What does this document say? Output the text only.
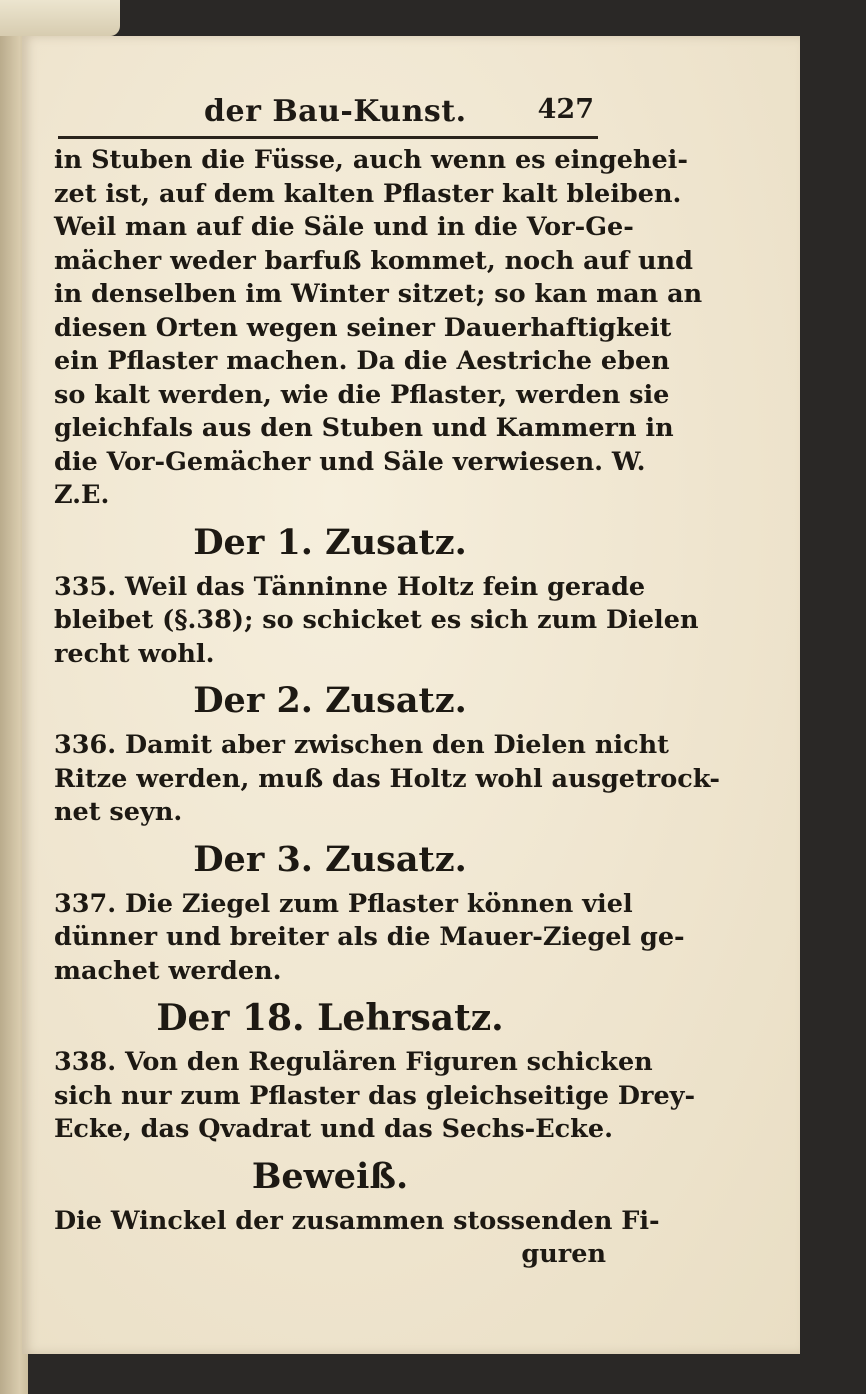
der Bau-Kunst.	427
in Stuben die Füsse, auch wenn es eingehei-
zet ist, auf dem kalten Pflaster kalt bleiben.
Weil man auf die Säle und in die Vor-Ge-
mächer weder barfuß kommet, noch auf und
in denselben im Winter sitzet; so kan man an
diesen Orten wegen seiner Dauerhaftigkeit
ein Pflaster machen. Da die Aestriche eben
so kalt werden, wie die Pflaster, werden sie
gleichfals aus den Stuben und Kammern in
die Vor-Gemächer und Säle verwiesen. W.
Z.E.
Der 1. Zusatz.
335. Weil das Tänninne Holtz fein gerade
bleibet (§.38); so schicket es sich zum Dielen
recht wohl.
Der 2. Zusatz.
336. Damit aber zwischen den Dielen nicht
Ritze werden, muß das Holtz wohl ausgetrock-
net seyn.
Der 3. Zusatz.
337. Die Ziegel zum Pflaster können viel
dünner und breiter als die Mauer-Ziegel ge-
machet werden.
Der 18. Lehrsatz.
338. Von den Regulären Figuren schicken
sich nur zum Pflaster das gleichseitige Drey-
Ecke, das Qvadrat und das Sechs-Ecke.
Beweiß.
Die Winckel der zusammen stossenden Fi-
guren
